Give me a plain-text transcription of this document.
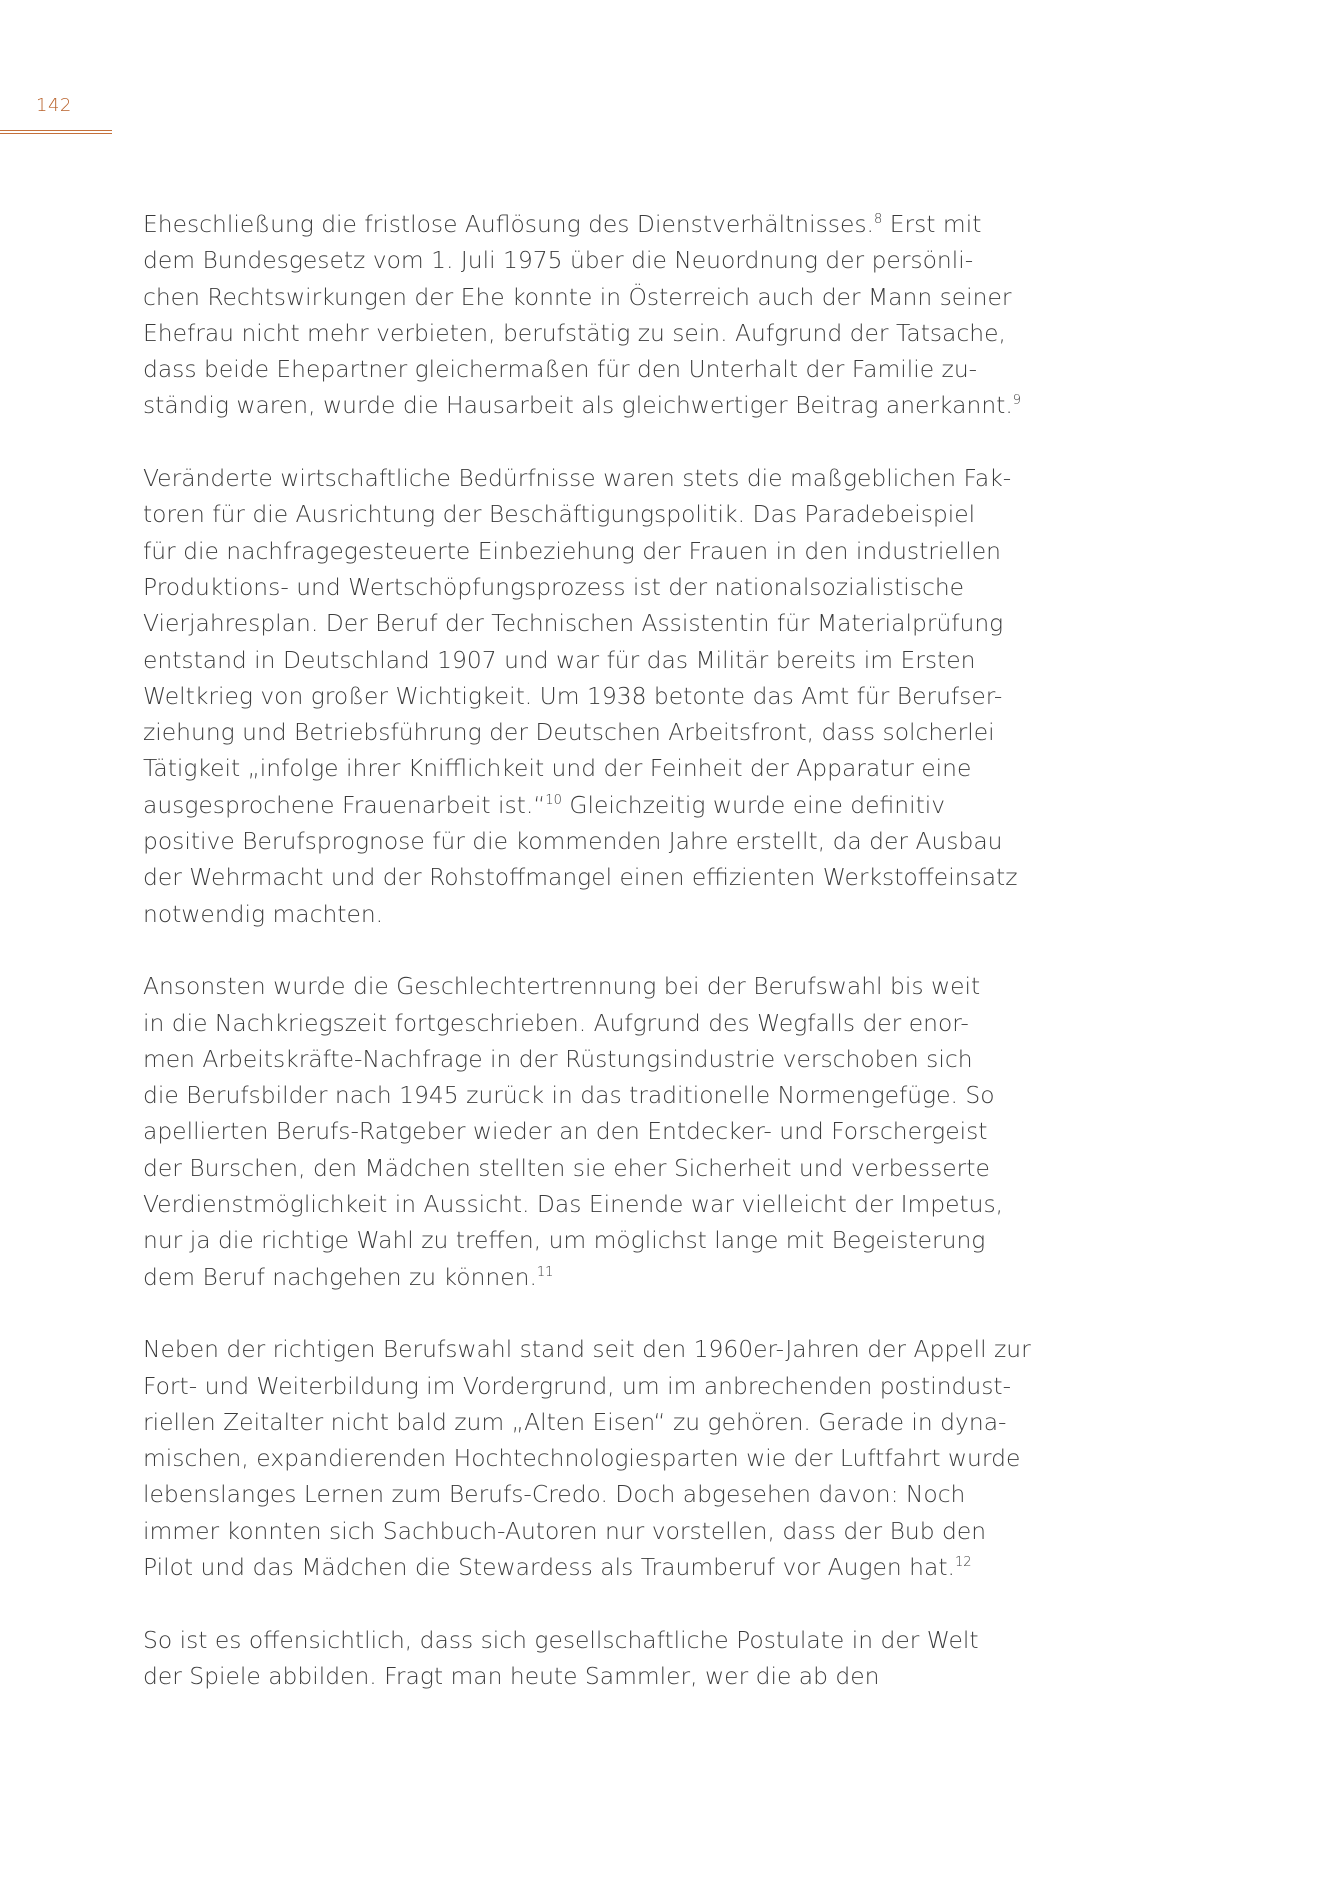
142
Eheschließung die fristlose Auflösung des Dienstverhältnisses.$^8$ Erst mit
dem Bundesgesetz vom 1. Juli 1975 über die Neuordnung der persönli-
chen Rechtswirkungen der Ehe konnte in Österreich auch der Mann seiner
Ehefrau nicht mehr verbieten, berufstätig zu sein. Aufgrund der Tatsache,
dass beide Ehepartner gleichermaßen für den Unterhalt der Familie zu-
ständig waren, wurde die Hausarbeit als gleichwertiger Beitrag anerkannt.$^9$
Veränderte wirtschaftliche Bedürfnisse waren stets die maßgeblichen Fak-
toren für die Ausrichtung der Beschäftigungspolitik. Das Paradebeispiel
für die nachfragegesteuerte Einbeziehung der Frauen in den industriellen
Produktions- und Wertschöpfungsprozess ist der nationalsozialistische
Vierjahresplan. Der Beruf der Technischen Assistentin für Materialprüfung
entstand in Deutschland 1907 und war für das Militär bereits im Ersten
Weltkrieg von großer Wichtigkeit. Um 1938 betonte das Amt für Berufser-
ziehung und Betriebsführung der Deutschen Arbeitsfront, dass solcherlei
Tätigkeit „infolge ihrer Knifflichkeit und der Feinheit der Apparatur eine
ausgesprochene Frauenarbeit ist.“$^{10}$ Gleichzeitig wurde eine definitiv
positive Berufsprognose für die kommenden Jahre erstellt, da der Ausbau
der Wehrmacht und der Rohstoffmangel einen effizienten Werkstoffeinsatz
notwendig machten.
Ansonsten wurde die Geschlechtertrennung bei der Berufswahl bis weit
in die Nachkriegszeit fortgeschrieben. Aufgrund des Wegfalls der enor-
men Arbeitskräfte-Nachfrage in der Rüstungsindustrie verschoben sich
die Berufsbilder nach 1945 zurück in das traditionelle Normengefüge. So
apellierten Berufs-Ratgeber wieder an den Entdecker- und Forschergeist
der Burschen, den Mädchen stellten sie eher Sicherheit und verbesserte
Verdienstmöglichkeit in Aussicht. Das Einende war vielleicht der Impetus,
nur ja die richtige Wahl zu treffen, um möglichst lange mit Begeisterung
dem Beruf nachgehen zu können.$^{11}$
Neben der richtigen Berufswahl stand seit den 1960er-Jahren der Appell zur
Fort- und Weiterbildung im Vordergrund, um im anbrechenden postindust-
riellen Zeitalter nicht bald zum „Alten Eisen“ zu gehören. Gerade in dyna-
mischen, expandierenden Hochtechnologiesparten wie der Luftfahrt wurde
lebenslanges Lernen zum Berufs-Credo. Doch abgesehen davon: Noch
immer konnten sich Sachbuch-Autoren nur vorstellen, dass der Bub den
Pilot und das Mädchen die Stewardess als Traumberuf vor Augen hat.$^{12}$
So ist es offensichtlich, dass sich gesellschaftliche Postulate in der Welt
der Spiele abbilden. Fragt man heute Sammler, wer die ab den
